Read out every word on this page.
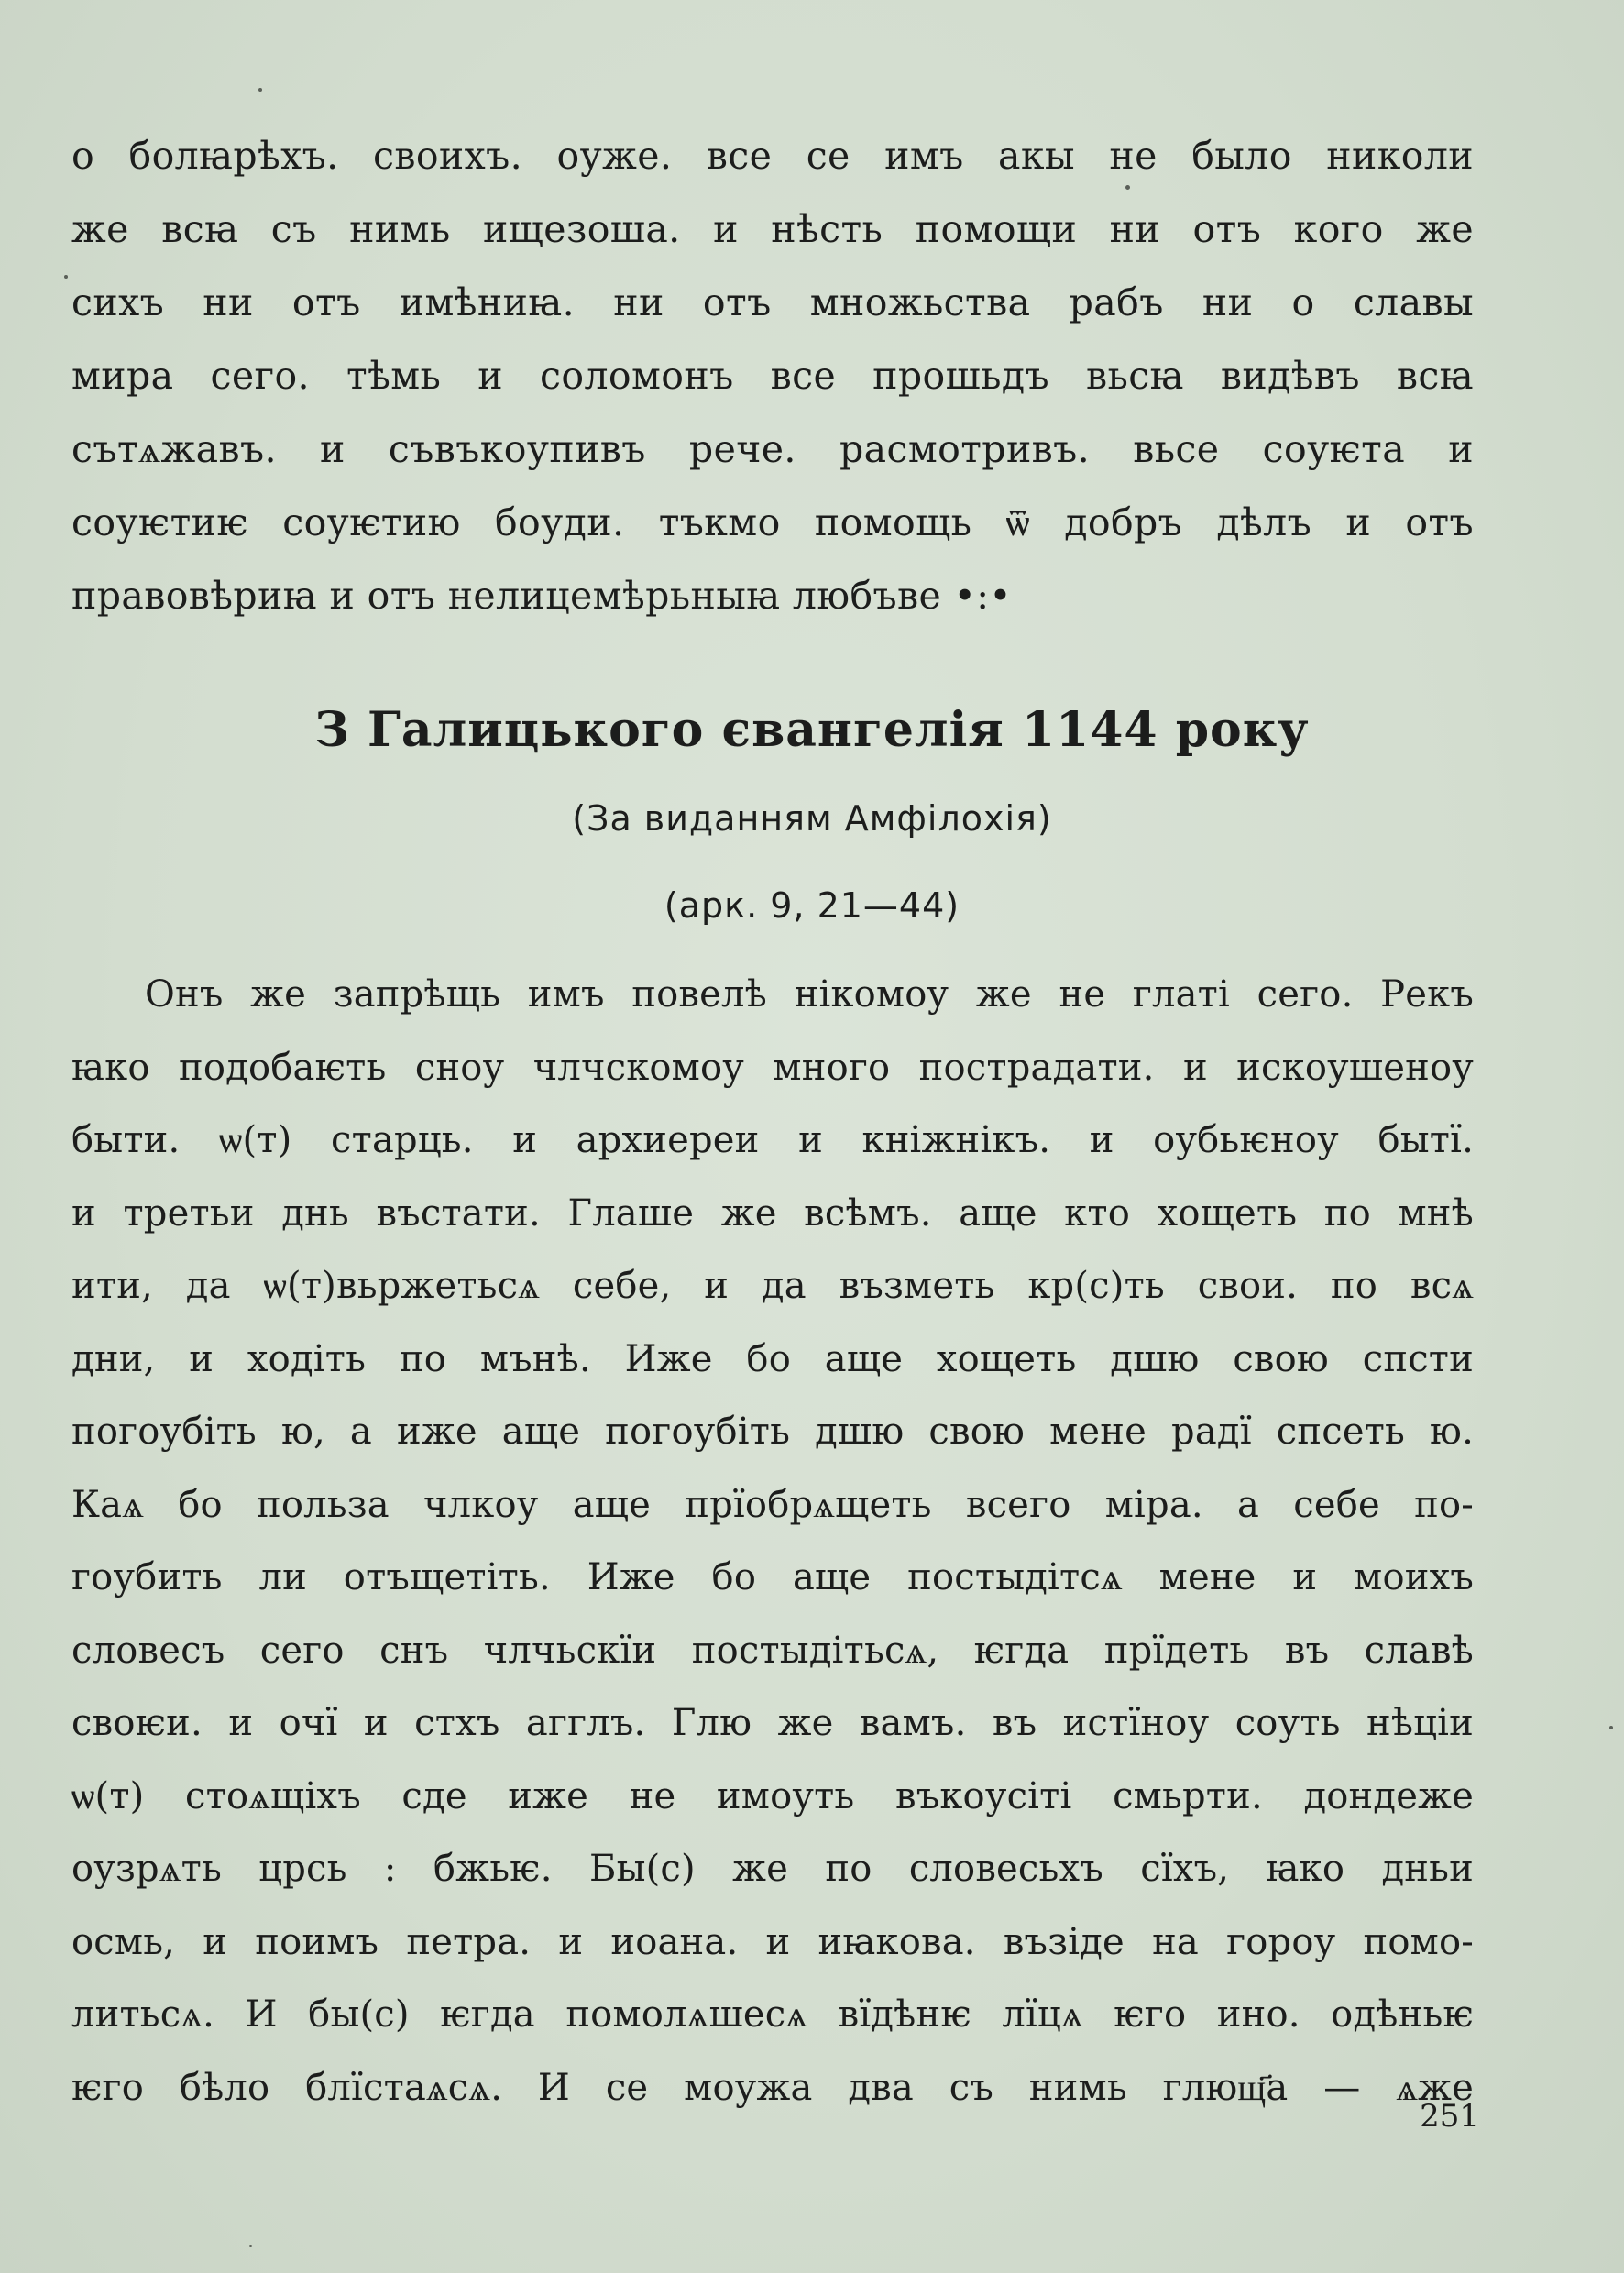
о болꙗрѣхъ. своихъ. оуже. все се имъ акы не было николи
же всꙗ съ нимь ищезоша. и нѣсть помощи ни отъ кого же
сихъ ни отъ имѣниꙗ. ни отъ множьства рабъ ни о славы
мира сего. тѣмь и соломонъ все прошьдъ вьсꙗ видѣвъ всꙗ
сътѧжавъ. и съвъкоупивъ рече. расмотривъ. вьсе соуѥта и
соуѥтиѥ соуѥтию боуди. тъкмо помощь ѿ добръ дѣлъ и отъ
правовѣриꙗ и отъ нелицемѣрьныꙗ любъве •:•
З Галицького євангелія 1144 року
(За виданням Амфілохія)
(арк. 9, 21—44)
Онъ же запрѣщь имъ повелѣ нікомоу же не глаті сего. Рекъ
ꙗко подобаѥть сноу члчскомоу много пострадати. и искоушеноу
быти. ѡ(т) старць. и архиереи и кніжнікъ. и оубьѥноу бытї.
и третьи днь въстати. Глаше же всѣмъ. аще кто хощеть по мнѣ
ити, да ѡ(т)вьржетьсѧ себе, и да възметь кр(с)ть свои. по всѧ
дни, и ходіть по мънѣ. Иже бо аще хощеть дшю свою спсти
погоубіть ю, а иже аще погоубіть дшю свою мене радї спсеть ю.
Каѧ бо польза члкоу аще прїобрѧщеть всего міра. а себе по-
гоубить ли отъщетіть. Иже бо аще постыдітсѧ мене и моихъ
словесъ сего снъ члчьскїи постыдітьсѧ, ѥгда прїдеть въ славѣ
своѥи. и очї и стхъ агглъ. Глю же вамъ. въ истїноу соуть нѣціи
ѡ(т) стоѧщіхъ сде иже не имоуть въкоусіті смьрти. дондеже
оузрѧть црсь : бжьѥ. Бы(с) же по словесьхъ сїхъ, ꙗко дньи
осмь, и поимъ петра. и иоана. и иꙗкова. възіде на гороу помо-
литьсѧ. И бы(с) ѥгда помолѧшесѧ вїдѣнѥ лїцѧ ѥго ино. одѣньѥ
ѥго бѣло блїстаѧсѧ. И се моужа два съ нимь глющ҃а — ѧже
251
